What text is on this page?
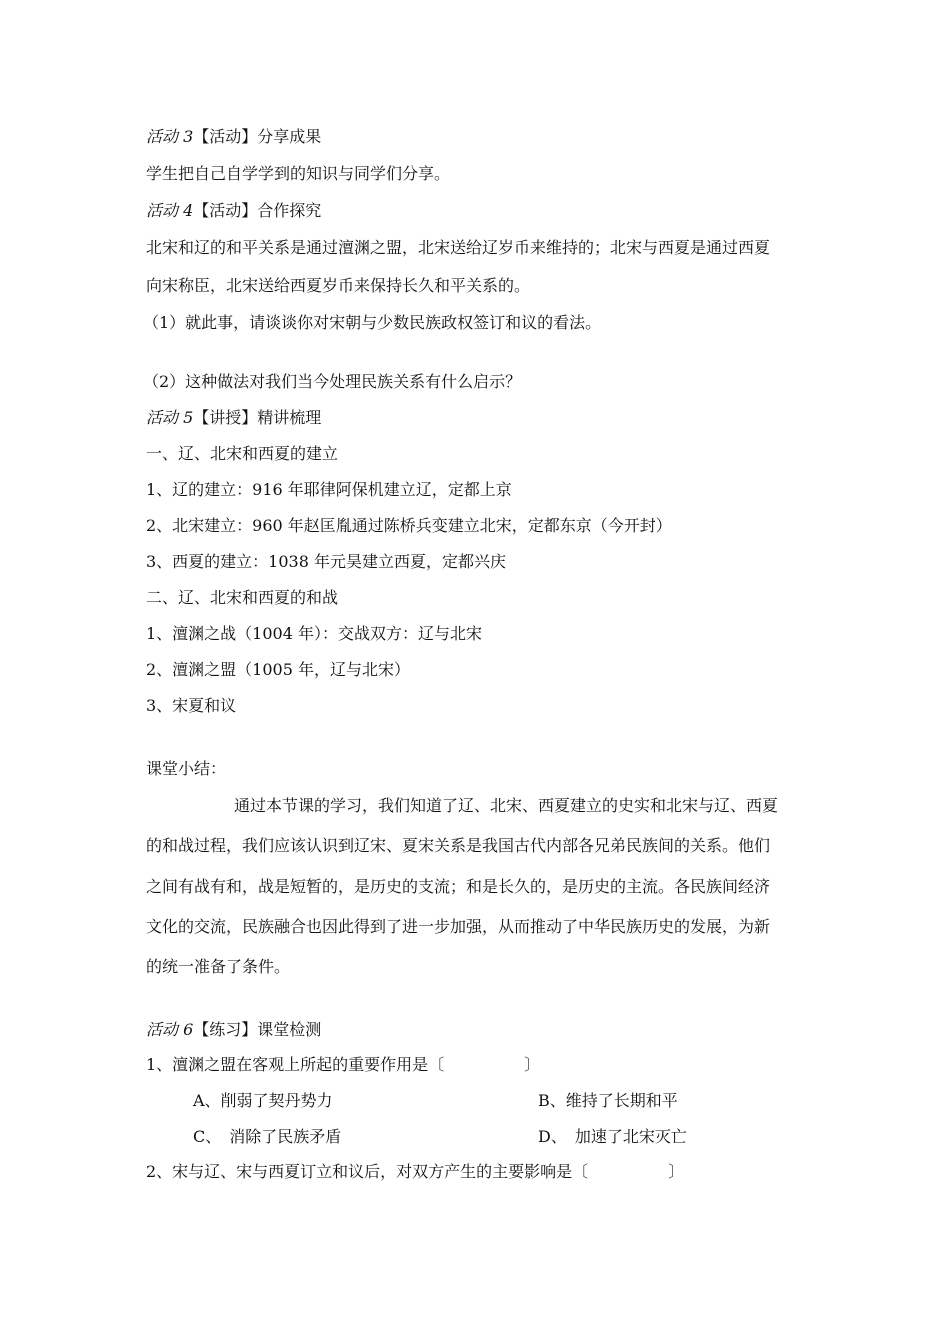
活动 3【活动】分享成果
学生把自己自学学到的知识与同学们分享。
活动 4【活动】合作探究
北宋和辽的和平关系是通过澶渊之盟，北宋送给辽岁币来维持的；北宋与西夏是通过西夏
向宋称臣，北宋送给西夏岁币来保持长久和平关系的。
（1）就此事，请谈谈你对宋朝与少数民族政权签订和议的看法。
（2）这种做法对我们当今处理民族关系有什么启示？
活动 5【讲授】精讲梳理
一、辽、北宋和西夏的建立
1、辽的建立：916 年耶律阿保机建立辽，定都上京
2、北宋建立：960 年赵匡胤通过陈桥兵变建立北宋，定都东京（今开封）
3、西夏的建立：1038 年元昊建立西夏，定都兴庆
二、辽、北宋和西夏的和战
1、澶渊之战（1004 年）：交战双方：辽与北宋
2、澶渊之盟（1005 年，辽与北宋）
3、宋夏和议
课堂小结：
通过本节课的学习，我们知道了辽、北宋、西夏建立的史实和北宋与辽、西夏
的和战过程，我们应该认识到辽宋、夏宋关系是我国古代内部各兄弟民族间的关系。他们
之间有战有和，战是短暂的，是历史的支流；和是长久的，是历史的主流。各民族间经济
文化的交流，民族融合也因此得到了进一步加强，从而推动了中华民族历史的发展，为新
的统一准备了条件。
活动 6【练习】课堂检测
1、澶渊之盟在客观上所起的重要作用是〔　　　　　〕
A、削弱了契丹势力	B、维持了长期和平
C、　消除了民族矛盾	D、　加速了北宋灭亡
2、宋与辽、宋与西夏订立和议后，对双方产生的主要影响是〔　　　　　〕
